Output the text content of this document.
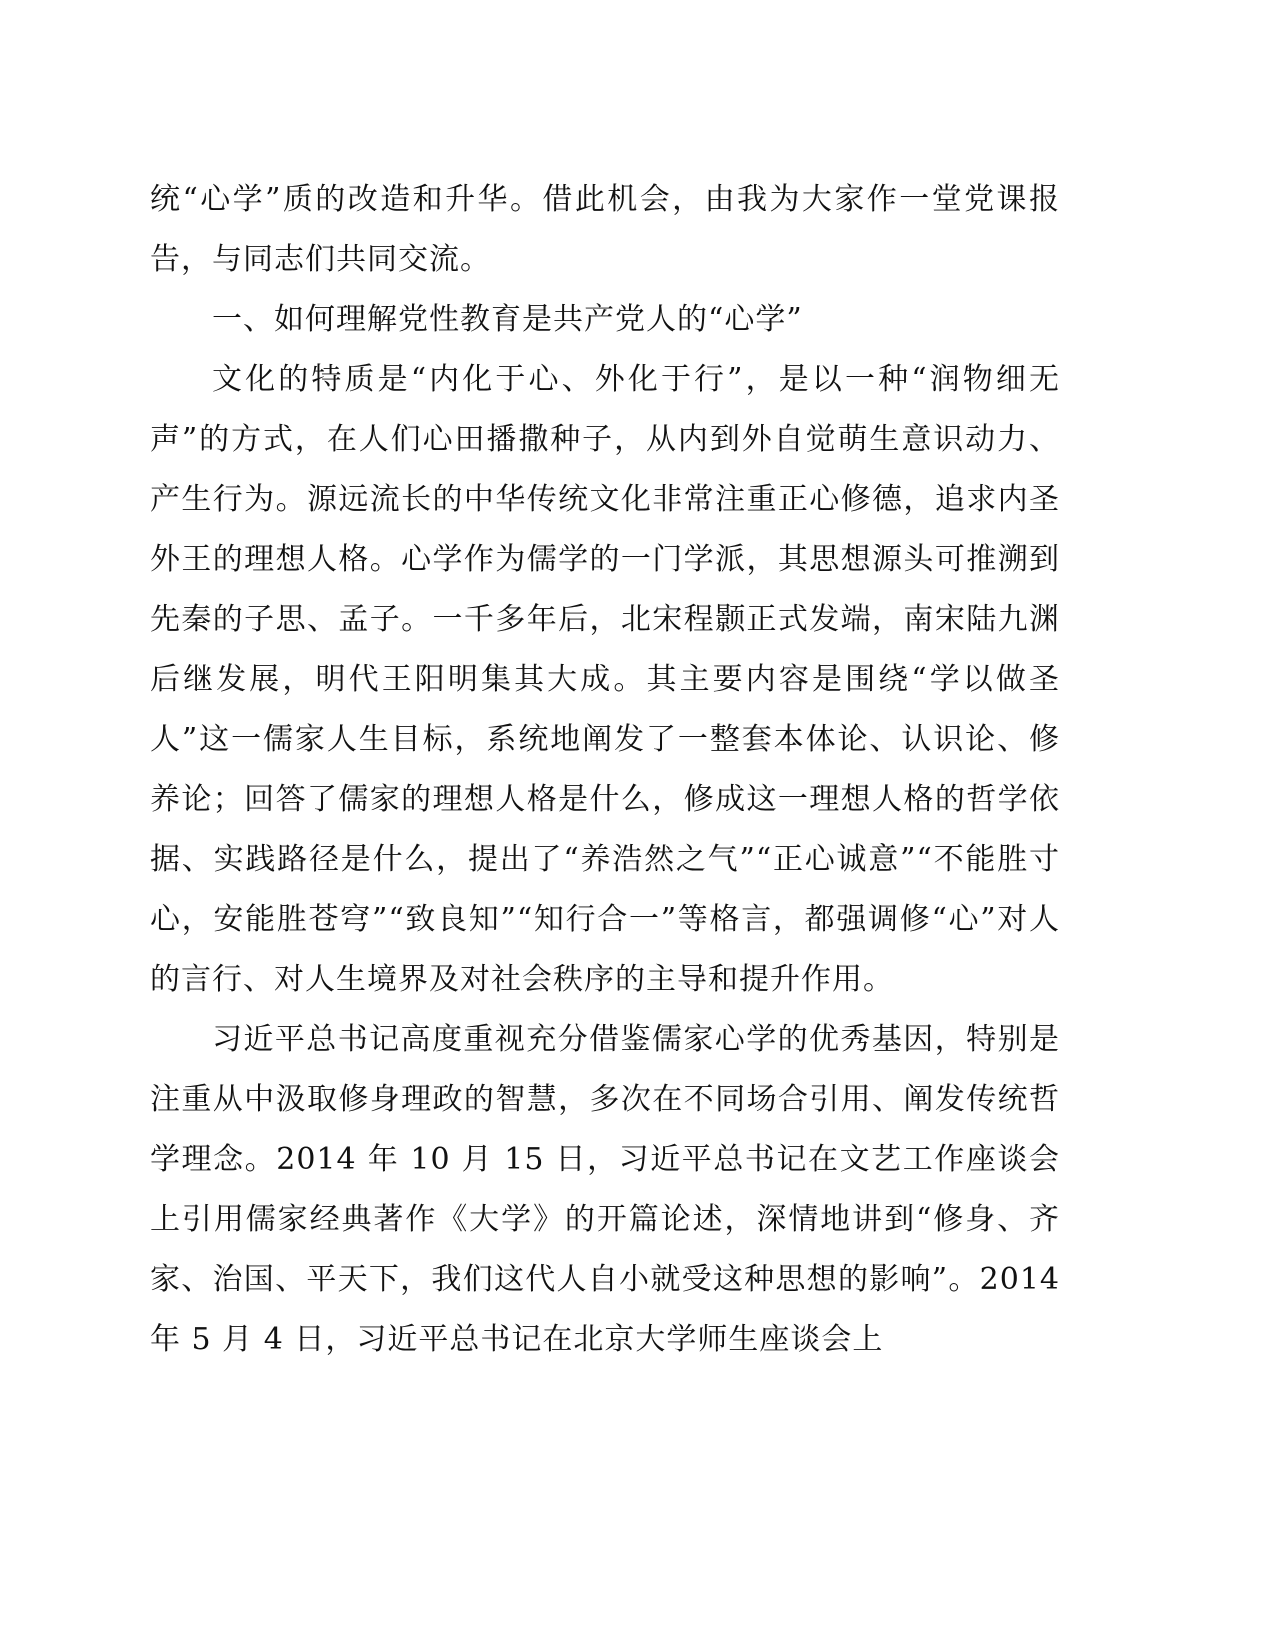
统“心学”质的改造和升华。借此机会，由我为大家作一堂党课报告，与同志们共同交流。

一、如何理解党性教育是共产党人的“心学”

文化的特质是“内化于心、外化于行”，是以一种“润物细无声”的方式，在人们心田播撒种子，从内到外自觉萌生意识动力、产生行为。源远流长的中华传统文化非常注重正心修德，追求内圣外王的理想人格。心学作为儒学的一门学派，其思想源头可推溯到先秦的子思、孟子。一千多年后，北宋程颢正式发端，南宋陆九渊后继发展，明代王阳明集其大成。其主要内容是围绕“学以做圣人”这一儒家人生目标，系统地阐发了一整套本体论、认识论、修养论；回答了儒家的理想人格是什么，修成这一理想人格的哲学依据、实践路径是什么，提出了“养浩然之气”“正心诚意”“不能胜寸心，安能胜苍穹”“致良知”“知行合一”等格言，都强调修“心”对人的言行、对人生境界及对社会秩序的主导和提升作用。

习近平总书记高度重视充分借鉴儒家心学的优秀基因，特别是注重从中汲取修身理政的智慧，多次在不同场合引用、阐发传统哲学理念。2014 年 10 月 15 日，习近平总书记在文艺工作座谈会上引用儒家经典著作《大学》的开篇论述，深情地讲到“修身、齐家、治国、平天下，我们这代人自小就受这种思想的影响”。2014 年 5 月 4 日，习近平总书记在北京大学师生座谈会上
